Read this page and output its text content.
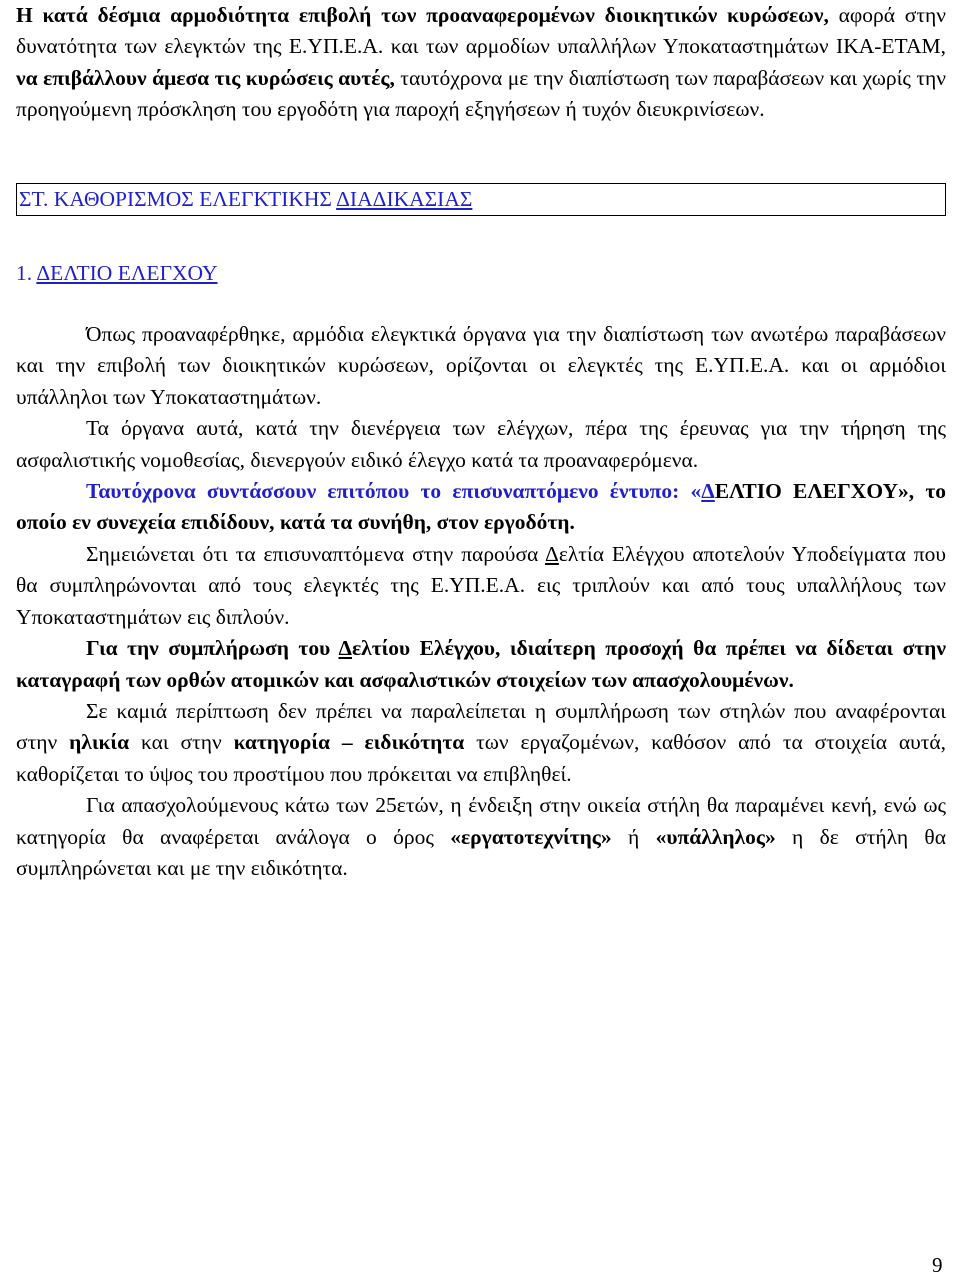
Η κατά δέσμια αρμοδιότητα επιβολή των προαναφερομένων διοικητικών κυρώσεων, αφορά στην δυνατότητα των ελεγκτών της Ε.ΥΠ.Ε.Α. και των αρμοδίων υπαλλήλων Υποκαταστημάτων ΙΚΑ-ΕΤΑΜ, να επιβάλλουν άμεσα τις κυρώσεις αυτές, ταυτόχρονα με την διαπίστωση των παραβάσεων και χωρίς την προηγούμενη πρόσκληση του εργοδότη για παροχή εξηγήσεων ή τυχόν διευκρινίσεων.

ΣΤ. ΚΑΘΟΡΙΣΜΟΣ ΕΛΕΓΚΤΙΚΗΣ ΔΙΑΔΙΚΑΣΙΑΣ

1. ΔΕΛΤΙΟ ΕΛΕΓΧΟΥ

Όπως προαναφέρθηκε, αρμόδια ελεγκτικά όργανα για την διαπίστωση των ανωτέρω παραβάσεων και την επιβολή των διοικητικών κυρώσεων, ορίζονται οι ελεγκτές της Ε.ΥΠ.Ε.Α. και οι αρμόδιοι υπάλληλοι των Υποκαταστημάτων.

Τα όργανα αυτά, κατά την διενέργεια των ελέγχων, πέρα της έρευνας για την τήρηση της ασφαλιστικής νομοθεσίας, διενεργούν ειδικό έλεγχο κατά τα προαναφερόμενα.

Ταυτόχρονα συντάσσουν επιτόπου το επισυναπτόμενο έντυπο: «ΔΕΛΤΙΟ ΕΛΕΓΧΟΥ», το οποίο εν συνεχεία επιδίδουν, κατά τα συνήθη, στον εργοδότη.

Σημειώνεται ότι τα επισυναπτόμενα στην παρούσα Δελτία Ελέγχου αποτελούν Υποδείγματα που θα συμπληρώνονται από τους ελεγκτές της Ε.ΥΠ.Ε.Α. εις τριπλούν και από τους υπαλλήλους των Υποκαταστημάτων εις διπλούν.

Για την συμπλήρωση του Δελτίου Ελέγχου, ιδιαίτερη προσοχή θα πρέπει να δίδεται στην καταγραφή των ορθών ατομικών και ασφαλιστικών στοιχείων των απασχολουμένων.

Σε καμιά περίπτωση δεν πρέπει να παραλείπεται η συμπλήρωση των στηλών που αναφέρονται στην ηλικία και στην κατηγορία – ειδικότητα των εργαζομένων, καθόσον από τα στοιχεία αυτά, καθορίζεται το ύψος του προστίμου που πρόκειται να επιβληθεί.

Για απασχολούμενους κάτω των 25ετών, η ένδειξη στην οικεία στήλη θα παραμένει κενή, ενώ ως κατηγορία θα αναφέρεται ανάλογα ο όρος «εργατοτεχνίτης» ή «υπάλληλος» η δε στήλη θα συμπληρώνεται και με την ειδικότητα.

9
